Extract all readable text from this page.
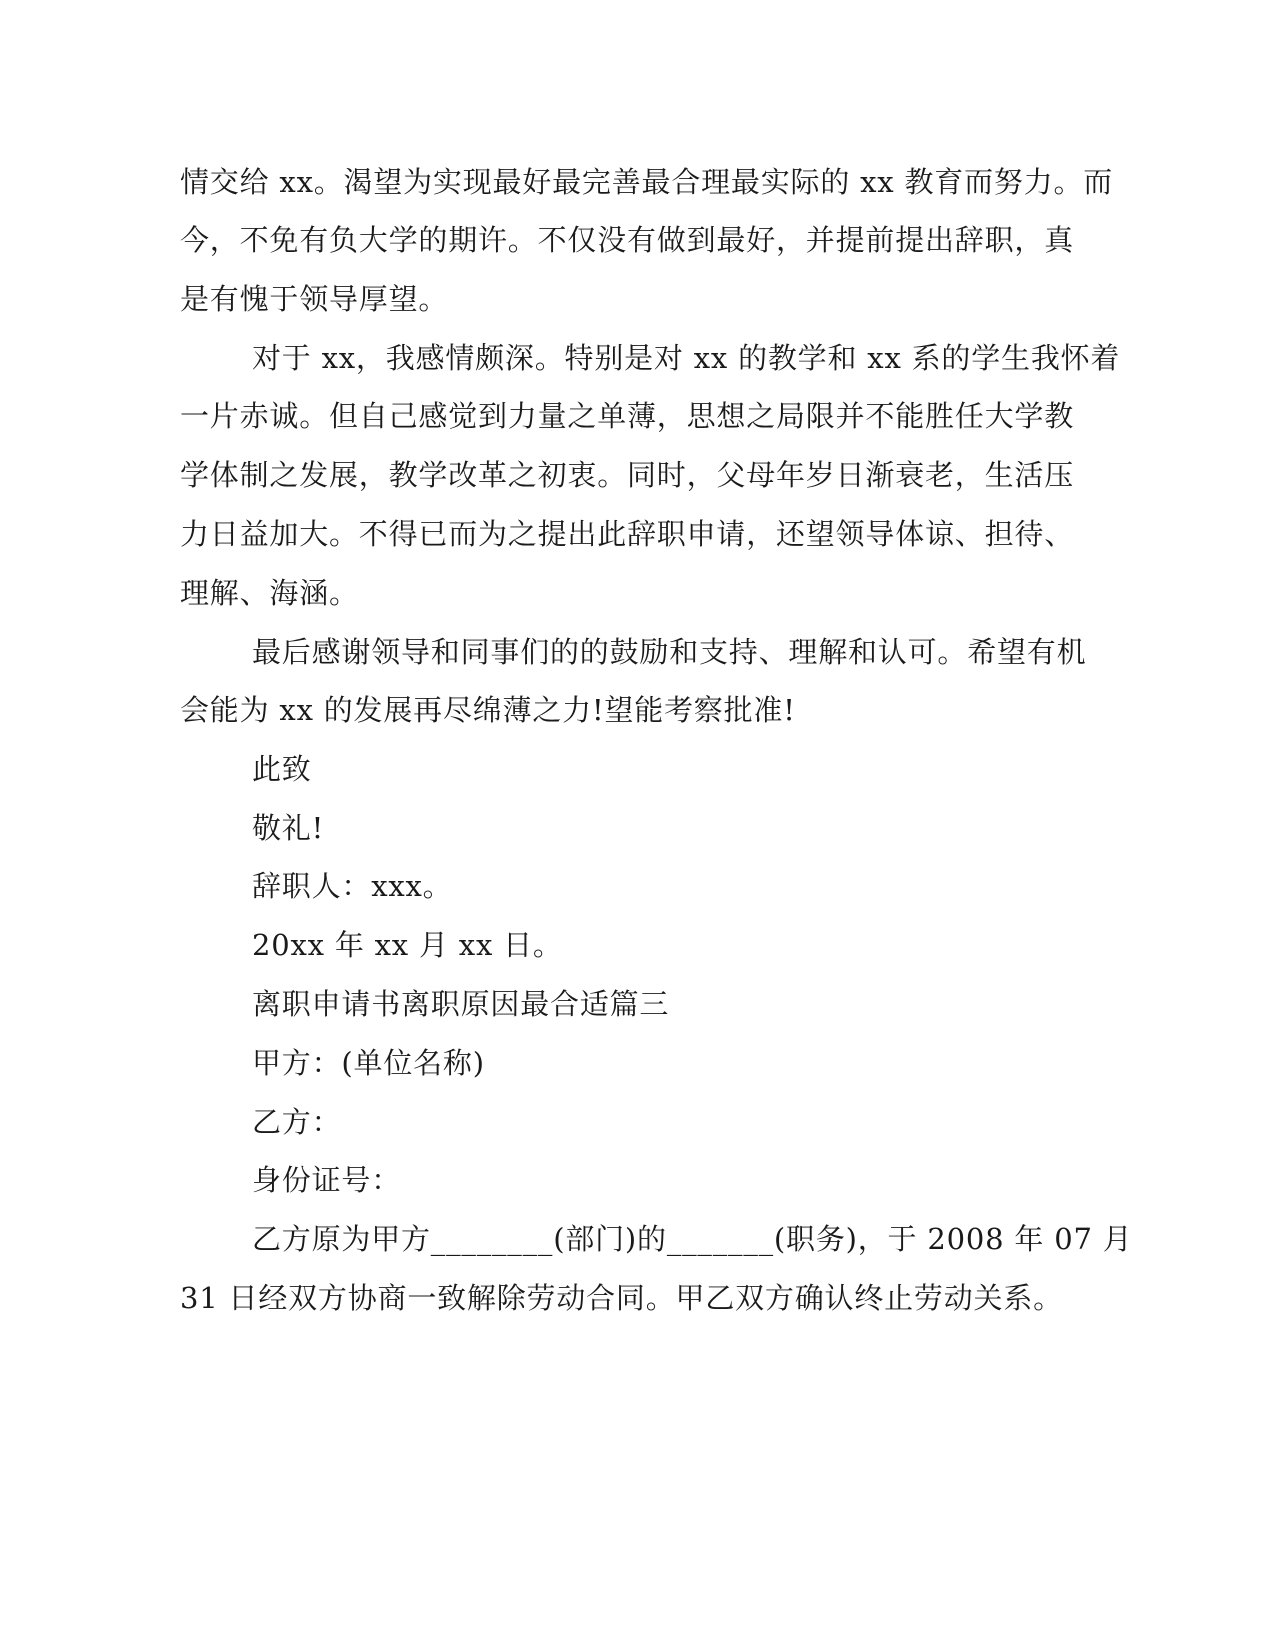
情交给 xx。渴望为实现最好最完善最合理最实际的 xx 教育而努力。而

今，不免有负大学的期许。不仅没有做到最好，并提前提出辞职，真

是有愧于领导厚望。

对于 xx，我感情颇深。特别是对 xx 的教学和 xx 系的学生我怀着

一片赤诚。但自己感觉到力量之单薄，思想之局限并不能胜任大学教

学体制之发展，教学改革之初衷。同时，父母年岁日渐衰老，生活压

力日益加大。不得已而为之提出此辞职申请，还望领导体谅、担待、

理解、海涵。

最后感谢领导和同事们的的鼓励和支持、理解和认可。希望有机

会能为 xx 的发展再尽绵薄之力!望能考察批准!

此致

敬礼!

辞职人：xxx。

20xx 年 xx 月 xx 日。

离职申请书离职原因最合适篇三

甲方：(单位名称)

乙方：

身份证号：

乙方原为甲方________(部门)的_______(职务)，于 2008 年 07 月

31 日经双方协商一致解除劳动合同。甲乙双方确认终止劳动关系。
